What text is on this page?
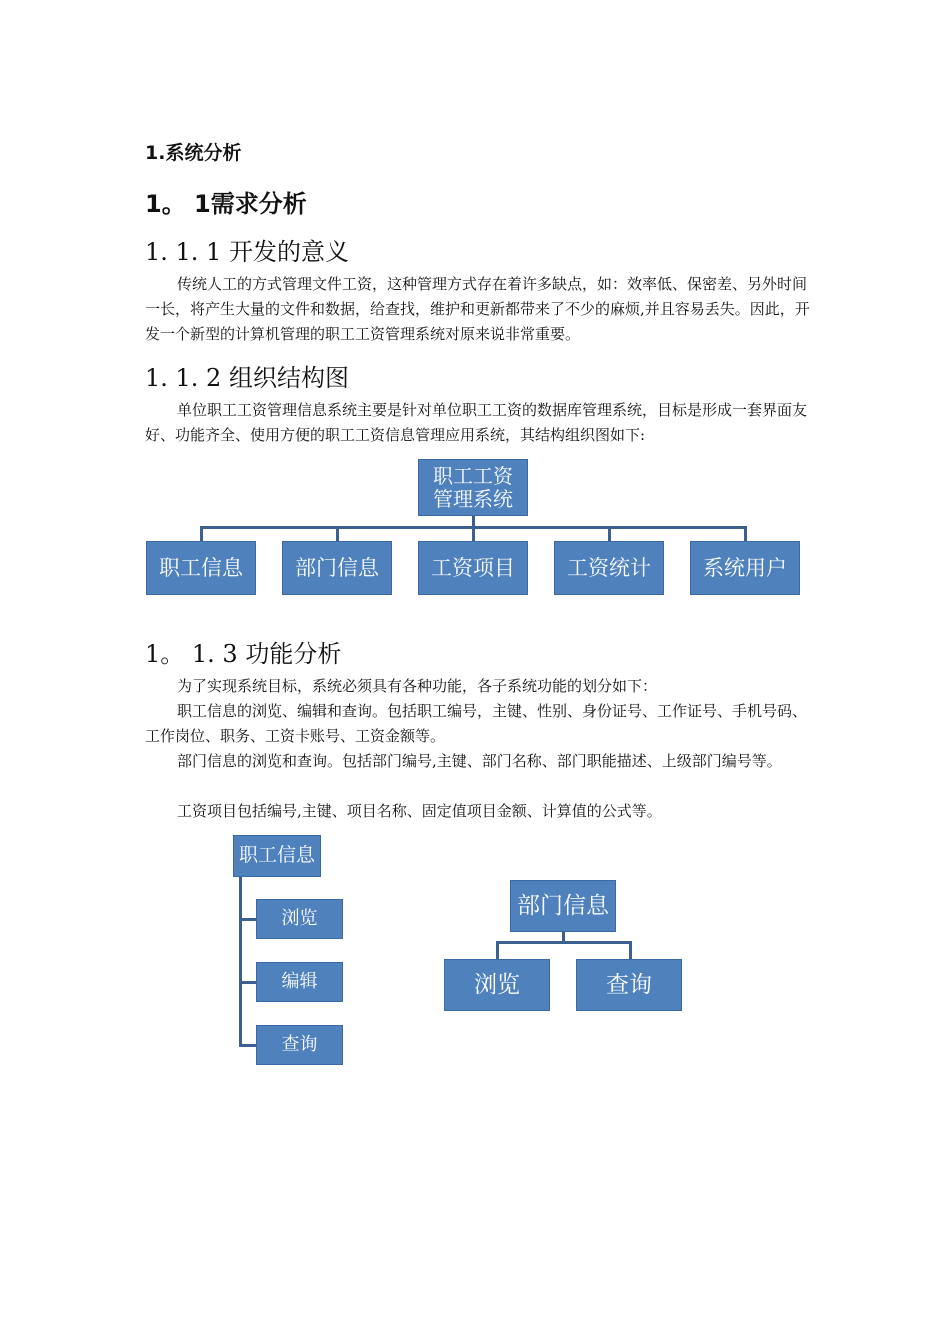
1.系统分析
1。 1需求分析
1. 1. 1 开发的意义

传统人工的方式管理文件工资，这种管理方式存在着许多缺点，如：效率低、保密差、另外时间一长，将产生大量的文件和数据，给查找，维护和更新都带来了不少的麻烦,并且容易丢失。因此，开发一个新型的计算机管理的职工工资管理系统对原来说非常重要。

1. 1. 2 组织结构图

单位职工工资管理信息系统主要是针对单位职工工资的数据库管理系统，目标是形成一套界面友好、功能齐全、使用方便的职工工资信息管理应用系统，其结构组织图如下:

职工工资
管理系统
职工信息	部门信息	工资项目	工资统计	系统用户
1。 1. 3 功能分析

为了实现系统目标，系统必须具有各种功能，各子系统功能的划分如下：

职工信息的浏览、编辑和查询。包括职工编号，主键、性别、身份证号、工作证号、手机号码、工作岗位、职务、工资卡账号、工资金额等。

部门信息的浏览和查询。包括部门编号,主键、部门名称、部门职能描述、上级部门编号等。

工资项目包括编号,主键、项目名称、固定值项目金额、计算值的公式等。

职工信息
浏览
编辑
查询
部门信息
浏览	查询
